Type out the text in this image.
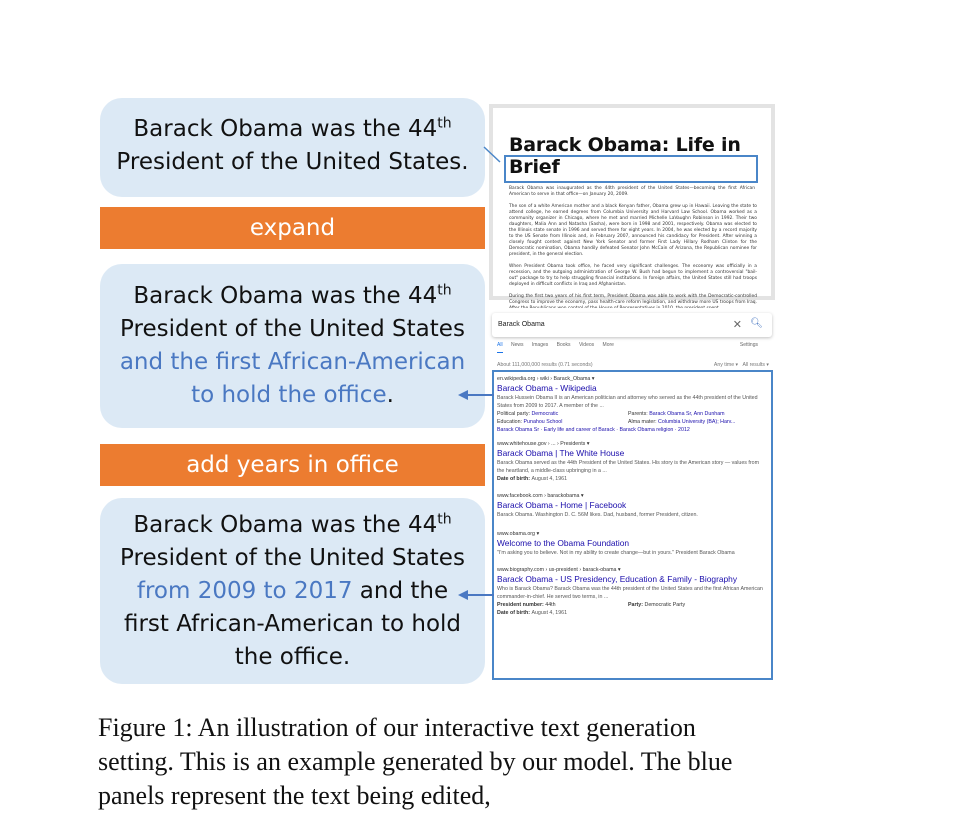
Barack Obama was the 44th
President of the United States.
expand
Barack Obama was the 44th
President of the United States
and the first African-American
to hold the office.
add years in office
Barack Obama was the 44th
President of the United States
from 2009 to 2017 and the
first African-American to hold
the office.
Barack Obama: Life in Brief

Barack Obama was inaugurated as the 44th president of the United States—becoming the first African American to serve in that office—on January 20, 2009.

The son of a white American mother and a black Kenyan father, Obama grew up in Hawaii. Leaving the state to attend college, he earned degrees from Columbia University and Harvard Law School. Obama worked as a community organizer in Chicago, where he met and married Michelle LaVaughn Robinson in 1992. Their two daughters, Malia Ann and Natasha (Sasha), were born in 1998 and 2001, respectively. Obama was elected to the Illinois state senate in 1996 and served there for eight years. In 2004, he was elected by a record majority to the US Senate from Illinois and, in February 2007, announced his candidacy for President. After winning a closely fought contest against New York Senator and former First Lady Hillary Rodham Clinton for the Democratic nomination, Obama handily defeated Senator John McCain of Arizona, the Republican nominee for president, in the general election.

When President Obama took office, he faced very significant challenges. The economy was officially in a recession, and the outgoing administration of George W. Bush had begun to implement a controversial "bail-out" package to try to help struggling financial institutions. In foreign affairs, the United States still had troops deployed in difficult conflicts in Iraq and Afghanistan.

During the first two years of his first term, President Obama was able to work with the Democratic-controlled Congress to improve the economy, pass health-care reform legislation, and withdraw more US troops from Iraq.

Barack Obama	✕ 🔍︎
All News Images Books Videos More	Settings
About 111,000,000 results (0.71 seconds)	Any time ▾ All results ▾
en.wikipedia.org › wiki › Barack_Obama ▾
Barack Obama - Wikipedia
Barack Hussein Obama II is an American politician and attorney who served as the 44th president of the United States from 2009 to 2017. A member of the ...
Political party: Democratic	Parents: Barack Obama Sr, Ann Dunham
Education: Punahou School	Alma mater: Columbia University (BA); Harv...
Barack Obama Sr · Early life and career of Barack · Barack Obama religion · 2012
www.whitehouse.gov › ... › Presidents ▾
Barack Obama | The White House
Barack Obama served as the 44th President of the United States. His story is the American story — values from the heartland, a middle-class upbringing in a ...
Date of birth: August 4, 1961
www.facebook.com › barackobama ▾
Barack Obama - Home | Facebook
Barack Obama. Washington D. C. 56M likes. Dad, husband, former President, citizen.
www.obama.org ▾
Welcome to the Obama Foundation
"I'm asking you to believe. Not in my ability to create change—but in yours." President Barack Obama
www.biography.com › us-president › barack-obama ▾
Barack Obama - US Presidency, Education & Family - Biography
Who is Barack Obama? Barack Obama was the 44th president of the United States and the first African American commander-in-chief. He served two terms, in ...
President number: 44th	Party: Democratic Party
Date of birth: August 4, 1961
Figure 1: An illustration of our interactive text generation setting. This is an example generated by our model. The blue panels represent the text being edited,
